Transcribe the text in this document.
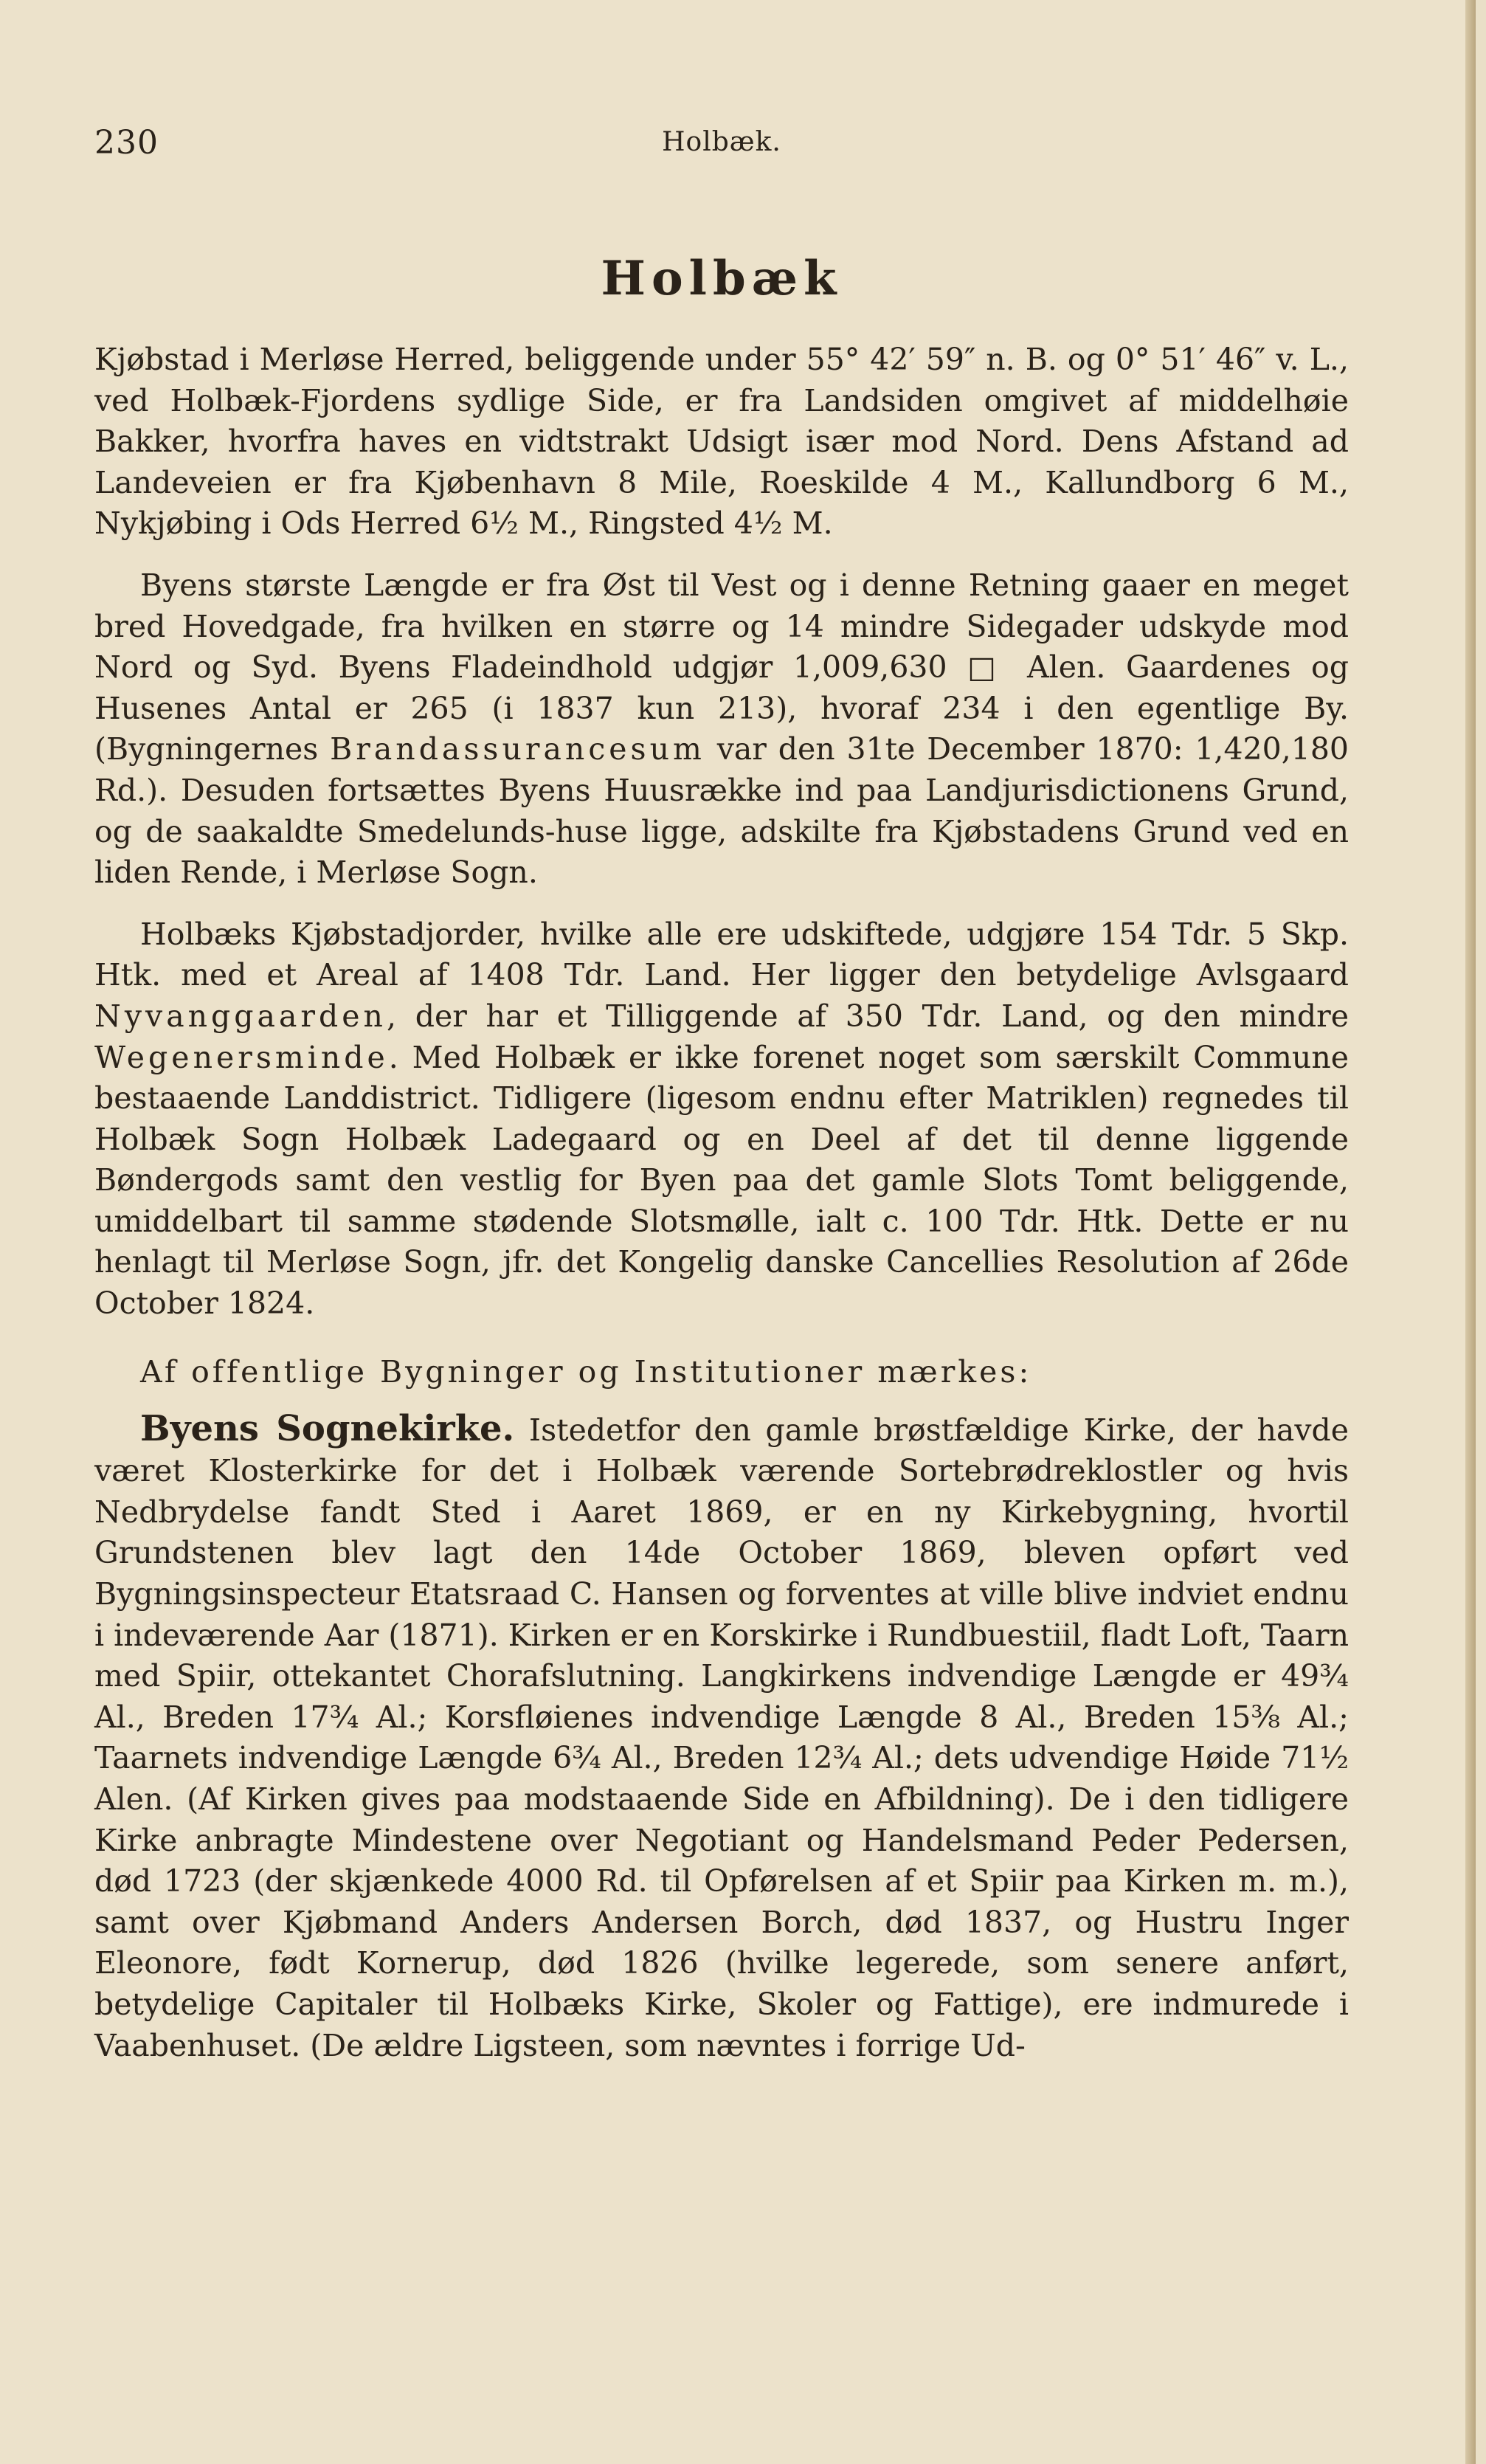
230	Holbæk.
Holbæk

Kjøbstad i Merløse Herred, beliggende under 55° 42′ 59″ n. B. og 0° 51′ 46″ v. L., ved Holbæk-Fjordens sydlige Side, er fra Landsiden omgivet af middelhøie Bakker, hvorfra haves en vidtstrakt Udsigt især mod Nord. Dens Afstand ad Landeveien er fra Kjøbenhavn 8 Mile, Roeskilde 4 M., Kallundborg 6 M., Nykjøbing i Ods Herred 6½ M., Ringsted 4½ M.

Byens største Længde er fra Øst til Vest og i denne Retning gaaer en meget bred Hovedgade, fra hvilken en større og 14 mindre Sidegader udskyde mod Nord og Syd. Byens Fladeindhold udgjør 1,009,630 □ Alen. Gaardenes og Husenes Antal er 265 (i 1837 kun 213), hvoraf 234 i den egentlige By. (Bygningernes Brandassurancesum var den 31te December 1870: 1,420,180 Rd.). Desuden fortsættes Byens Huusrække ind paa Landjurisdictionens Grund, og de saakaldte Smedelunds-huse ligge, adskilte fra Kjøbstadens Grund ved en liden Rende, i Merløse Sogn.

Holbæks Kjøbstadjorder, hvilke alle ere udskiftede, udgjøre 154 Tdr. 5 Skp. Htk. med et Areal af 1408 Tdr. Land. Her ligger den betydelige Avlsgaard Nyvanggaarden, der har et Tilliggende af 350 Tdr. Land, og den mindre Wegenersminde. Med Holbæk er ikke forenet noget som særskilt Commune bestaaende Landdistrict. Tidligere (ligesom endnu efter Matriklen) regnedes til Holbæk Sogn Holbæk Ladegaard og en Deel af det til denne liggende Bøndergods samt den vestlig for Byen paa det gamle Slots Tomt beliggende, umiddelbart til samme stødende Slotsmølle, ialt c. 100 Tdr. Htk. Dette er nu henlagt til Merløse Sogn, jfr. det Kongelig danske Cancellies Resolution af 26de October 1824.

Af offentlige Bygninger og Institutioner mærkes:

Byens Sognekirke. Istedetfor den gamle brøstfældige Kirke, der havde været Klosterkirke for det i Holbæk værende Sortebrødreklostler og hvis Nedbrydelse fandt Sted i Aaret 1869, er en ny Kirkebygning, hvortil Grundstenen blev lagt den 14de October 1869, bleven opført ved Bygningsinspecteur Etatsraad C. Hansen og forventes at ville blive indviet endnu i indeværende Aar (1871). Kirken er en Korskirke i Rundbuestiil, fladt Loft, Taarn med Spiir, ottekantet Chorafslutning. Langkirkens indvendige Længde er 49¾ Al., Breden 17¾ Al.; Korsfløienes indvendige Længde 8 Al., Breden 15⅜ Al.; Taarnets indvendige Længde 6¾ Al., Breden 12¾ Al.; dets udvendige Høide 71½ Alen. (Af Kirken gives paa modstaaende Side en Afbildning). De i den tidligere Kirke anbragte Mindestene over Negotiant og Handelsmand Peder Pedersen, død 1723 (der skjænkede 4000 Rd. til Opførelsen af et Spiir paa Kirken m. m.), samt over Kjøbmand Anders Andersen Borch, død 1837, og Hustru Inger Eleonore, født Kornerup, død 1826 (hvilke legerede, som senere anført, betydelige Capitaler til Holbæks Kirke, Skoler og Fattige), ere indmurede i Vaabenhuset. (De ældre Ligsteen, som nævntes i forrige Ud-
